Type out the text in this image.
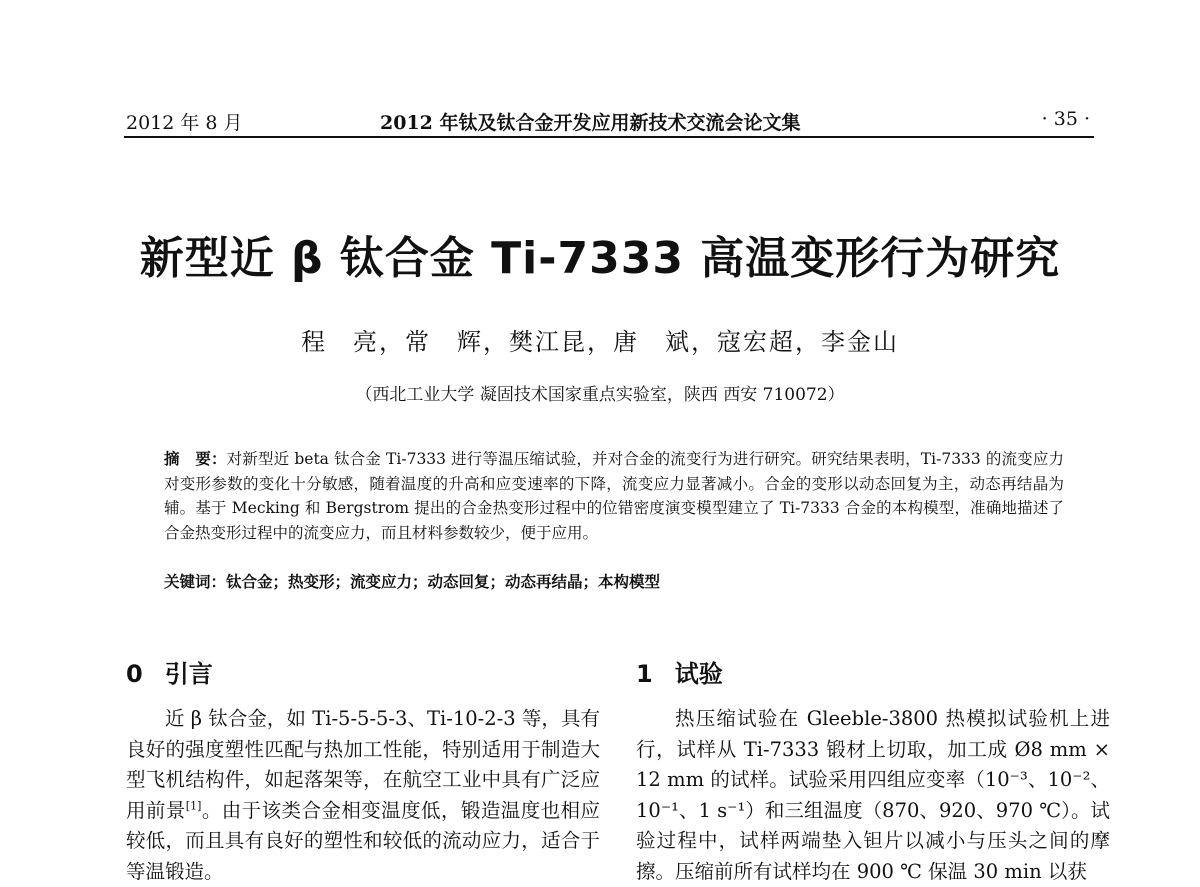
2012 年 8 月	2012 年钛及钛合金开发应用新技术交流会论文集	· 35 ·
新型近 β 钛合金 Ti-7333 高温变形行为研究
程　亮，常　辉，樊江昆，唐　斌，寇宏超，李金山
（西北工业大学 凝固技术国家重点实验室，陕西 西安 710072）
摘　要：对新型近 beta 钛合金 Ti-7333 进行等温压缩试验，并对合金的流变行为进行研究。研究结果表明，Ti-7333 的流变应力对变形参数的变化十分敏感，随着温度的升高和应变速率的下降，流变应力显著减小。合金的变形以动态回复为主，动态再结晶为辅。基于 Mecking 和 Bergstrom 提出的合金热变形过程中的位错密度演变模型建立了 Ti-7333 合金的本构模型，准确地描述了合金热变形过程中的流变应力，而且材料参数较少，便于应用。
关键词：钛合金；热变形；流变应力；动态回复；动态再结晶；本构模型
0 引言
近 β 钛合金，如 Ti-5-5-5-3、Ti-10-2-3 等，具有良好的强度塑性匹配与热加工性能，特别适用于制造大型飞机结构件，如起落架等，在航空工业中具有广泛应用前景[1]。由于该类合金相变温度低，锻造温度也相应较低，而且具有良好的塑性和较低的流动应力，适合于等温锻造。
1 试验
热压缩试验在 Gleeble-3800 热模拟试验机上进行，试样从 Ti-7333 锻材上切取，加工成 Ø8 mm × 12 mm 的试样。试验采用四组应变率（10⁻³、10⁻²、10⁻¹、1 s⁻¹）和三组温度（870、920、970 ℃）。试验过程中，试样两端垫入钽片以减小与压头之间的摩擦。压缩前所有试样均在 900 ℃ 保温 30 min 以获
